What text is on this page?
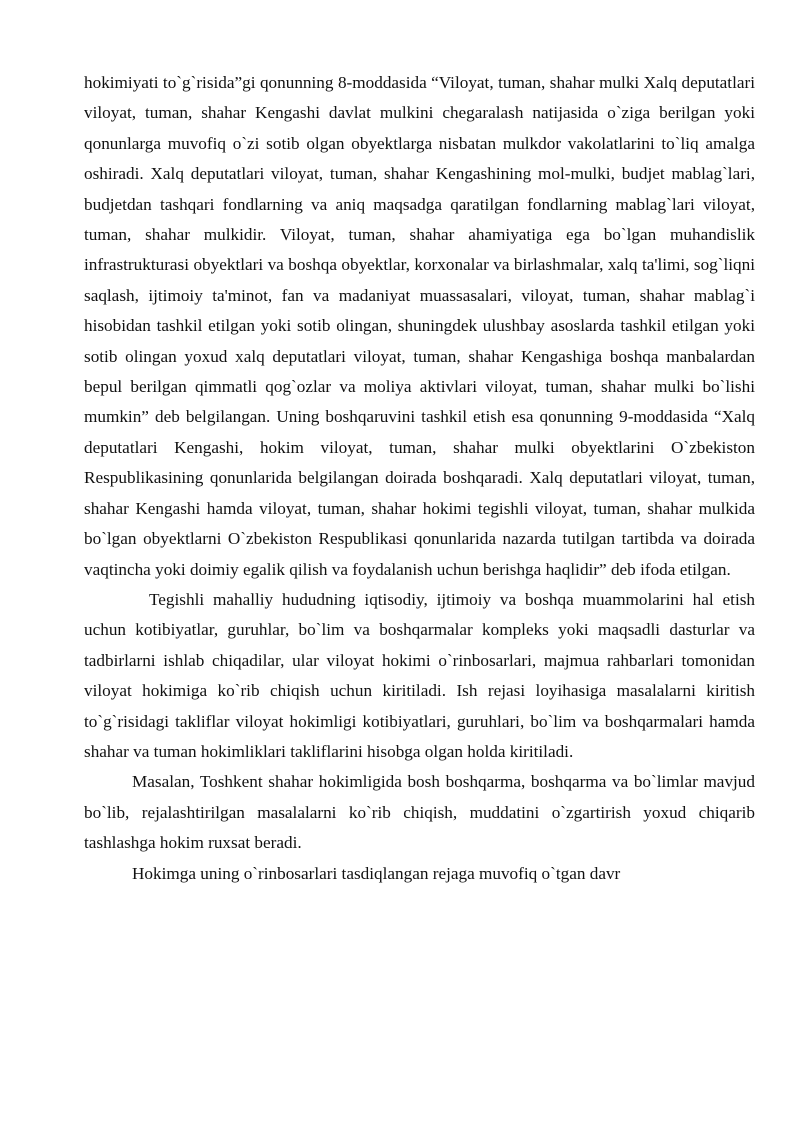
hokimiyati to`g`risida”gi qonunning 8-moddasida “Viloyat, tuman, shahar mulki Xalq deputatlari viloyat, tuman, shahar Kengashi davlat mulkini chegaralash natijasida o`ziga berilgan yoki qonunlarga muvofiq o`zi sotib olgan obyektlarga nisbatan mulkdor vakolatlarini to`liq amalga oshiradi. Xalq deputatlari viloyat, tuman, shahar Kengashining mol-mulki, budjet mablag`lari, budjetdan tashqari fondlarning va aniq maqsadga qaratilgan fondlarning mablag`lari viloyat, tuman, shahar mulkidir. Viloyat, tuman, shahar ahamiyatiga ega bo`lgan muhandislik infrastrukturasi obyektlari va boshqa obyektlar, korxonalar va birlashmalar, xalq ta'limi, sog`liqni saqlash, ijtimoiy ta'minot, fan va madaniyat muassasalari, viloyat, tuman, shahar mablag`i hisobidan tashkil etilgan yoki sotib olingan, shuningdek ulushbay asoslarda tashkil etilgan yoki sotib olingan yoxud xalq deputatlari viloyat, tuman, shahar Kengashiga boshqa manbalardan bepul berilgan qimmatli qog`ozlar va moliya aktivlari viloyat, tuman, shahar mulki bo`lishi mumkin” deb belgilangan. Uning boshqaruvini tashkil etish esa qonunning 9-moddasida “Xalq deputatlari Kengashi, hokim viloyat, tuman, shahar mulki obyektlarini O`zbekiston Respublikasining qonunlarida belgilangan doirada boshqaradi. Xalq deputatlari viloyat, tuman, shahar Kengashi hamda viloyat, tuman, shahar hokimi tegishli viloyat, tuman, shahar mulkida bo`lgan obyektlarni O`zbekiston Respublikasi qonunlarida nazarda tutilgan tartibda va doirada vaqtincha yoki doimiy egalik qilish va foydalanish uchun berishga haqlidir” deb ifoda etilgan.

Tegishli mahalliy hududning iqtisodiy, ijtimoiy va boshqa muammolarini hal etish uchun kotibiyatlar, guruhlar, bo`lim va boshqarmalar kompleks yoki maqsadli dasturlar va tadbirlarni ishlab chiqadilar, ular viloyat hokimi o`rinbosarlari, majmua rahbarlari tomonidan viloyat hokimiga ko`rib chiqish uchun kiritiladi. Ish rejasi loyihasiga masalalarni kiritish to`g`risidagi takliflar viloyat hokimligi kotibiyatlari, guruhlari, bo`lim va boshqarmalari hamda shahar va tuman hokimliklari takliflarini hisobga olgan holda kiritiladi.

Masalan, Toshkent shahar hokimligida bosh boshqarma, boshqarma va bo`limlar mavjud bo`lib, rejalashtirilgan masalalarni ko`rib chiqish, muddatini o`zgartirish yoxud chiqarib tashlashga hokim ruxsat beradi.

Hokimga uning o`rinbosarlari tasdiqlangan rejaga muvofiq o`tgan davr
